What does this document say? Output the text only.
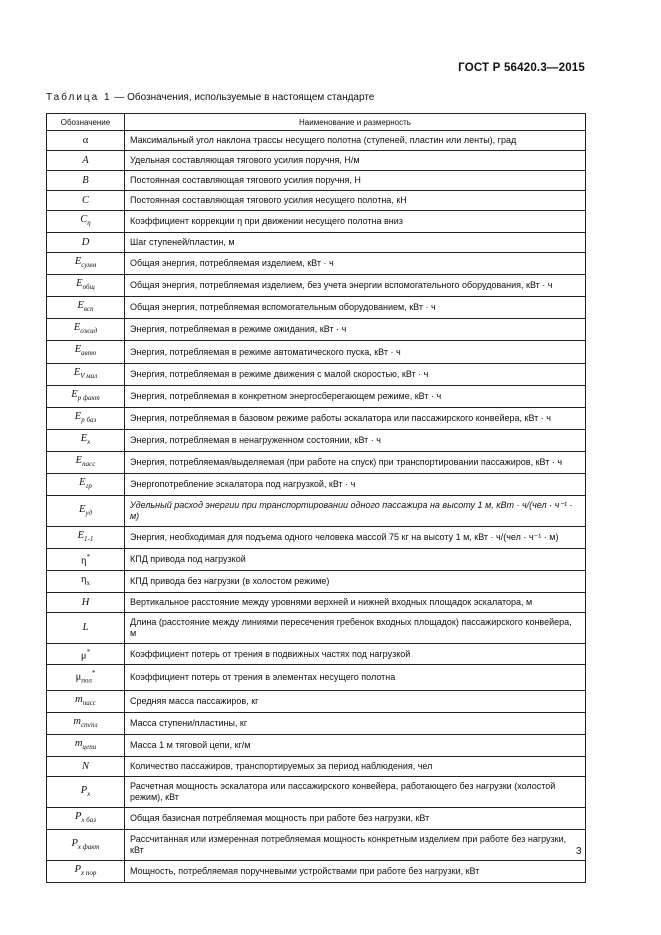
ГОСТ Р 56420.3—2015
Таблица 1 — Обозначения, используемые в настоящем стандарте
Обозначение	Наименование и размерность
α	Максимальный угол наклона трассы несущего полотна (ступеней, пластин или ленты), град
A	Удельная составляющая тягового усилия поручня, Н/м
B	Постоянная составляющая тягового усилия поручня, Н
C	Постоянная составляющая тягового усилия несущего полотна, кН
$C_\eta$	Коэффициент коррекции η при движении несущего полотна вниз
D	Шаг ступеней/пластин, м
$E_{сумм}$	Общая энергия, потребляемая изделием, кВт · ч
$E_{общ}$	Общая энергия, потребляемая изделием, без учета энергии вспомогательного оборудования, кВт · ч
$E_{всп}$	Общая энергия, потребляемая вспомогательным оборудованием, кВт · ч
$E_{ожид}$	Энергия, потребляемая в режиме ожидания, кВт · ч
$E_{авто}$	Энергия, потребляемая в режиме автоматического пуска, кВт · ч
$E_{V мал}$	Энергия, потребляемая в режиме движения с малой скоростью, кВт · ч
$E_{p факт}$	Энергия, потребляемая в конкретном энергосберегающем режиме, кВт · ч
$E_{p баз}$	Энергия, потребляемая в базовом режиме работы эскалатора или пассажирского конвейера, кВт · ч
$E_x$	Энергия, потребляемая в ненагруженном состоянии, кВт · ч
$E_{пасс}$	Энергия, потребляемая/выделяемая (при работе на спуск) при транспортировании пассажиров, кВт · ч
$E_{гр}$	Энергопотребление эскалатора под нагрузкой, кВт · ч
$E_{уд}$	Удельный расход энергии при транспортировании одного пассажира на высоту 1 м, кВт · ч/(чел · ч⁻¹ · м)
$E_{1-1}$	Энергия, необходимая для подъема одного человека массой 75 кг на высоту 1 м, кВт · ч/(чел · ч⁻¹ · м)
η*	КПД привода под нагрузкой
$\eta_x$	КПД привода без нагрузки (в холостом режиме)
H	Вертикальное расстояние между уровнями верхней и нижней входных площадок эскалатора, м
L	Длина (расстояние между линиями пересечения гребенок входных площадок) пассажирского конвейера, м
μ*	Коэффициент потерь от трения в подвижных частях под нагрузкой
$\mu_{пол}^*$	Коэффициент потерь от трения в элементах несущего полотна
$m_{пасс}$	Средняя масса пассажиров, кг
$m_{ст/пл}$	Масса ступени/пластины, кг
$m_{цепи}$	Масса 1 м тяговой цепи, кг/м
N	Количество пассажиров, транспортируемых за период наблюдения, чел
$P_x$	Расчетная мощность эскалатора или пассажирского конвейера, работающего без нагрузки (холостой режим), кВт
$P_{x баз}$	Общая базисная потребляемая мощность при работе без нагрузки, кВт
$P_{x факт}$	Рассчитанная или измеренная потребляемая мощность конкретным изделием при работе без нагрузки, кВт
$P_{x пор}$	Мощность, потребляемая поручневыми устройствами при работе без нагрузки, кВт
3
